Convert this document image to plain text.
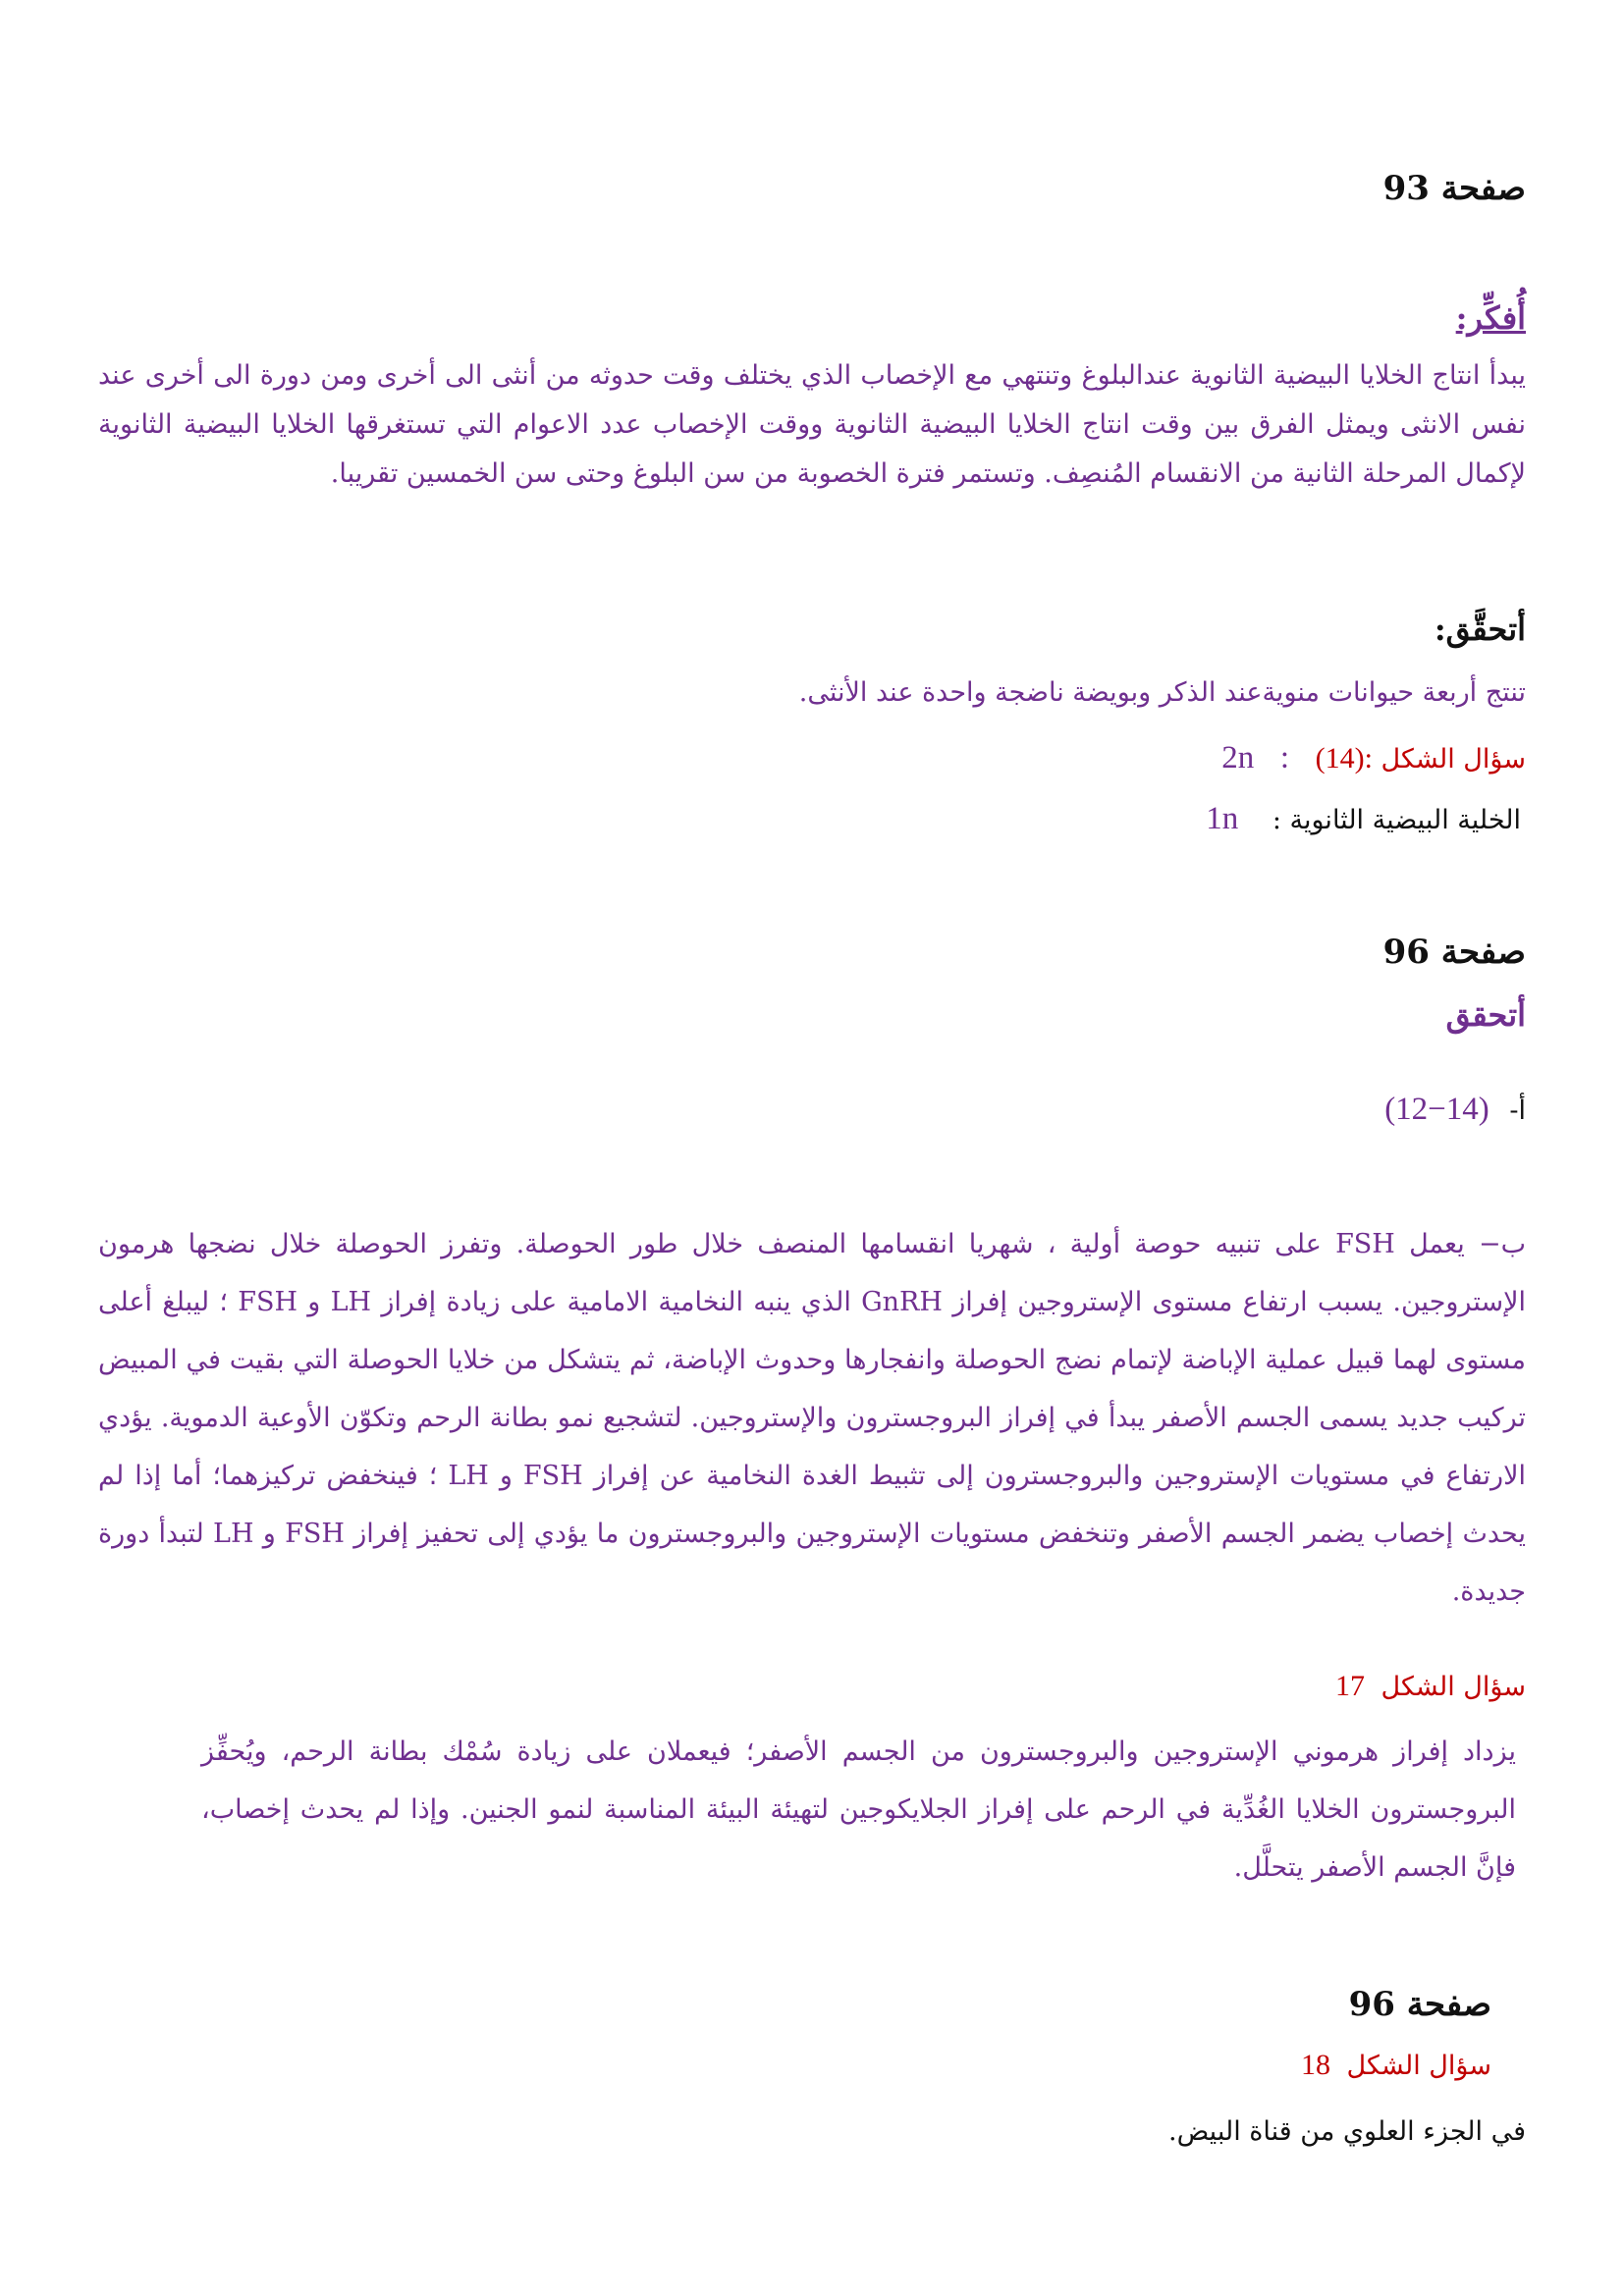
صفحة 93
أُفكِّر:
يبدأ انتاج الخلايا البيضية الثانوية عندالبلوغ وتنتهي مع الإخصاب الذي يختلف وقت حدوثه من أنثى الى أخرى ومن دورة الى أخرى عند نفس الانثى ويمثل الفرق بين وقت انتاج الخلايا البيضية الثانوية ووقت الإخصاب عدد الاعوام التي تستغرقها الخلايا البيضية الثانوية لإكمال المرحلة الثانية من الانقسام المُنصِف. وتستمر فترة الخصوبة من سن البلوغ وحتى سن الخمسين تقريبا.
أتحقَّق:
تنتج أربعة حيوانات منويةعند الذكر وبويضة ناضجة واحدة عند الأنثى.
سؤال الشكل (14): : 2n
الخلية البيضية الثانوية : 1n
صفحة 96
أتحقق
أ- (12−14)
ب− يعمل FSH على تنبيه حوصة أولية ، شهريا انقسامها المنصف خلال طور الحوصلة. وتفرز الحوصلة خلال نضجها هرمون الإستروجين. يسبب ارتفاع مستوى الإستروجين إفراز GnRH الذي ينبه النخامية الامامية على زيادة إفراز LH و FSH ؛ ليبلغ أعلى مستوى لهما قبيل عملية الإباضة لإتمام نضج الحوصلة وانفجارها وحدوث الإباضة، ثم يتشكل من خلايا الحوصلة التي بقيت في المبيض تركيب جديد يسمى الجسم الأصفر يبدأ في إفراز البروجسترون والإستروجين. لتشجيع نمو بطانة الرحم وتكوّن الأوعية الدموية. يؤدي الارتفاع في مستويات الإستروجين والبروجسترون إلى تثبيط الغدة النخامية عن إفراز FSH و LH ؛ فينخفض تركيزهما؛ أما إذا لم يحدث إخصاب يضمر الجسم الأصفر وتنخفض مستويات الإستروجين والبروجسترون ما يؤدي إلى تحفيز إفراز FSH و LH لتبدأ دورة جديدة.
سؤال الشكل 17
يزداد إفراز هرموني الإستروجين والبروجسترون من الجسم الأصفر؛ فيعملان على زيادة سُمْك بطانة الرحم، ويُحفِّز البروجسترون الخلايا الغُدِّية في الرحم على إفراز الجلايكوجين لتهيئة البيئة المناسبة لنمو الجنين. وإذا لم يحدث إخصاب، فإنَّ الجسم الأصفر يتحلَّل.
صفحة 96
سؤال الشكل 18
في الجزء العلوي من قناة البيض.
